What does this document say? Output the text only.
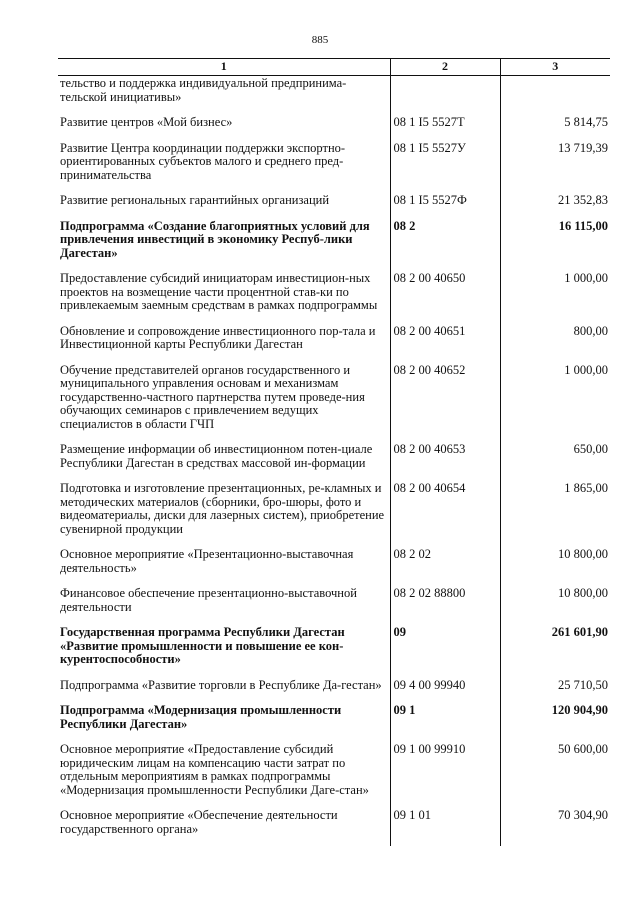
885
1	2	3
тельство и поддержка индивидуальной предпринима-тельской инициативы»		
Развитие центров «Мой бизнес»	08 1 I5 5527Т	5 814,75
Развитие Центра координации поддержки экспортно-ориентированных субъектов малого и среднего пред-принимательства	08 1 I5 5527У	13 719,39
Развитие региональных гарантийных организаций	08 1 I5 5527Ф	21 352,83
Подпрограмма «Создание благоприятных условий для привлечения инвестиций в экономику Респуб-лики Дагестан»	08 2	16 115,00
Предоставление субсидий инициаторам инвестицион-ных проектов на возмещение части процентной став-ки по привлекаемым заемным средствам в рамках подпрограммы	08 2 00 40650	1 000,00
Обновление и сопровождение инвестиционного пор-тала и Инвестиционной карты Республики Дагестан	08 2 00 40651	800,00
Обучение представителей органов государственного и муниципального управления основам и механизмам государственно-частного партнерства путем проведе-ния обучающих семинаров с привлечением ведущих специалистов в области ГЧП	08 2 00 40652	1 000,00
Размещение информации об инвестиционном потен-циале Республики Дагестан в средствах массовой ин-формации	08 2 00 40653	650,00
Подготовка и изготовление презентационных, ре-кламных и методических материалов (сборники, бро-шюры, фото и видеоматериалы, диски для лазерных систем), приобретение сувенирной продукции	08 2 00 40654	1 865,00
Основное мероприятие «Презентационно-выставочная деятельность»	08 2 02	10 800,00
Финансовое обеспечение презентационно-выставочной деятельности	08 2 02 88800	10 800,00
Государственная программа Республики Дагестан «Развитие промышленности и повышение ее кон-курентоспособности»	09	261 601,90
Подпрограмма «Развитие торговли в Республике Да-гестан»	09 4 00 99940	25 710,50
Подпрограмма «Модернизация промышленности Республики Дагестан»	09 1	120 904,90
Основное мероприятие «Предоставление субсидий юридическим лицам на компенсацию части затрат по отдельным мероприятиям в рамках подпрограммы «Модернизация промышленности Республики Даге-стан»	09 1 00 99910	50 600,00
Основное мероприятие «Обеспечение деятельности государственного органа»	09 1 01	70 304,90
